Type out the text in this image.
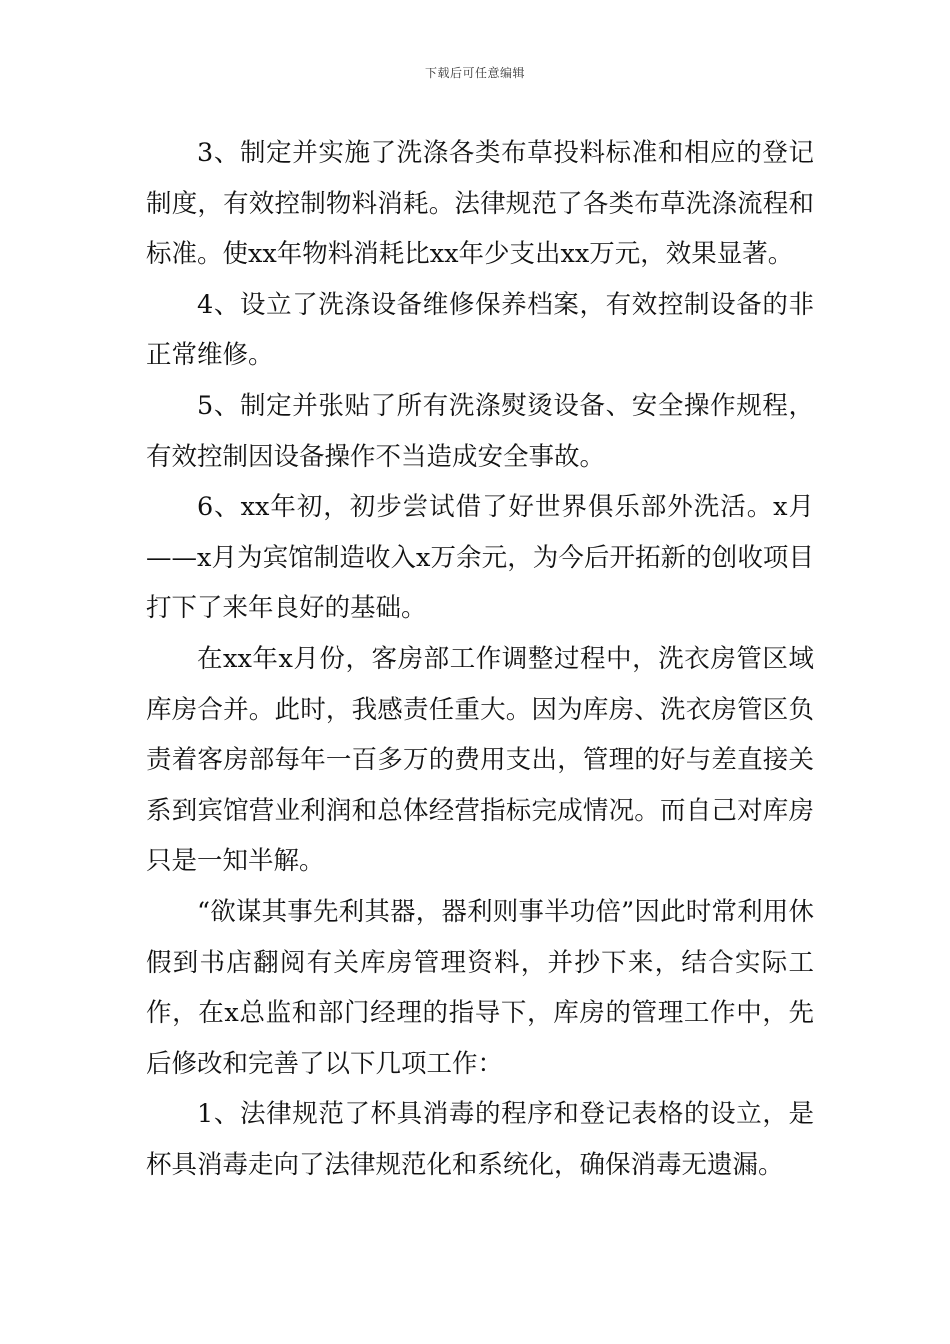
下载后可任意编辑

3、制定并实施了洗涤各类布草投料标准和相应的登记制度，有效控制物料消耗。法律规范了各类布草洗涤流程和标准。使xx年物料消耗比xx年少支出xx万元，效果显著。

4、设立了洗涤设备维修保养档案，有效控制设备的非正常维修。

5、制定并张贴了所有洗涤熨烫设备、安全操作规程，有效控制因设备操作不当造成安全事故。

6、xx年初，初步尝试借了好世界俱乐部外洗活。x月——x月为宾馆制造收入x万余元，为今后开拓新的创收项目打下了来年良好的基础。

在xx年x月份，客房部工作调整过程中，洗衣房管区域库房合并。此时，我感责任重大。因为库房、洗衣房管区负责着客房部每年一百多万的费用支出，管理的好与差直接关系到宾馆营业利润和总体经营指标完成情况。而自己对库房只是一知半解。

“欲谋其事先利其器，器利则事半功倍”因此时常利用休假到书店翻阅有关库房管理资料，并抄下来，结合实际工作，在x总监和部门经理的指导下，库房的管理工作中，先后修改和完善了以下几项工作：

1、法律规范了杯具消毒的程序和登记表格的设立，是杯具消毒走向了法律规范化和系统化，确保消毒无遗漏。
